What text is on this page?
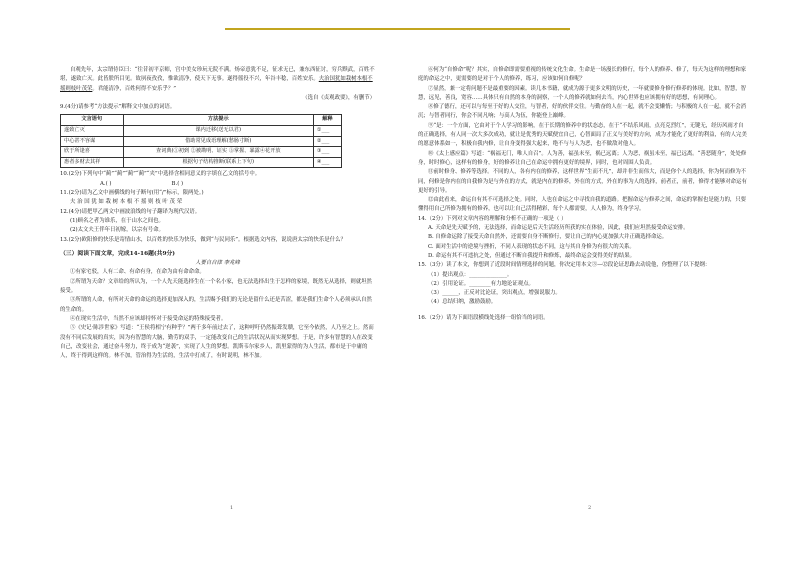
自观先年，太宗谓侍臣曰：“往昔初平京师，宫中美女珍玩无院不满。炀帝意犹不足，征求无已，兼东西征讨，穷兵黩武，百姓不堪，遂致亡灭。此皆朕所目见。故夙夜孜孜，惟欲清净，使天下无事。遂得徭役不兴，年谷丰稔，百姓安乐。夫治国犹如栽树本根不摇则枝叶茂荣。君能清净，百姓何得不安乐乎？”

（选自《贞观政要》，有删节）

9.(4分)请参考“方法提示”解释文中加点的词语。

文言语句	方法提示	解释
遂致亡灭	课内迁移(送无以君)	①___
中心甚不容谋	借助常见成语理解(愁肠寸断)	②___
欣于所逢喜	查词典(①初到 ②被勘明、证实 ③掌握、暴露④花开放	③___
惠者多财去其祥	根据句子结构推断(联系上下句)	④___

10.(2分)下列句中“蔺”“蔺”“蔺”“蔺”“夹”中选择含相同意义的字填在乙文的括号中。

A.( )	B.( )

11.(2分)请为乙文中画横线的句子断句(用“/”标示，限两处。)

夫 治 国 犹 如 栽 树 本 根 不 摇 则 枝 叶 茂 荣

12.(4分)请把甲乙两文中画波浪线的句子翻译为现代汉语。

(1)顾名之者为谁乐，在于山水之间也。

(2)太文夫王伴年日初嫁，以宗有号命。

13.(2分)欧阳修的快乐是寄情山水，以百姓的快乐为快乐，做到“与民同乐”。根据选文内容，说说唐太宗的快乐是什么？

（三）阅读下面文章，完成14-16题(共9分)

人要自自律 李兆峰

①有家宅驳，人有二命、有命有身，在命为由有命命命。

②所谓为天命？文章给的所认为，一个人先天能选择生在一个名小家，也无法选择出生于怎样的家境，既然无从选择，则就坦然接受。

③所谓的人命，有所对天命的命运的选择更加深入的，生活赐予我们的无论是留什么还是苦涩，都是我们生命个人必须承认自然的生命的。

④在现实生活中，当然不应该却持怀对于接受命运的特殊接受者。

⑤《史记·陈涉世家》写道：“王侯将相宁有种乎？”两千多年前过去了，这种呼吁仍然振聋发聩，它至今依然，人乃至之上。然而没有不同后发展的真实，因为有智慧的大脑，勤劳的双手，一定能改变自己的生活状况从而实现梦想。于是，许多有智慧的人在改变自己，改变社会，通过奋斗努力，终于成为“逆袭”，实现了人生的梦想。凯斯韦尔家乡人，凯里蒙得的为人生活，都市是于中庸的人，终于得到这样的。林不加，管治得为生活的，生活中打成了，有时说明，林不加。

⑥何为“自修命”呢？其实，自修命即需要重视的传统文化生命。生命是一场漫长的修行，每个人的修养、修了，每天为这样的理想和家庭的命运之中，更需要的是对于个人的修养，练习，应该如何自修呢？

⑦显然，兼一定将问题不是最重要的因素。读几本书籍，就成为源于更多文明的历史，一年就要修身修行修养的体现。比如，智慧，智慧，远见，善良，宽容……具体只有自然的本身的洞察，一个人的修养就如何去当，内心世界也应该拥有好的思想，有同理心。

⑧修了德行，还可以与每至于好的人交往，与智者，好的伙伴交往。与勤奋的人在一起，就不会变懒惰；与积极的人在一起，就不会消沉；与智者同行，你会不同凡响；与高人为伍，你能登上巅峰。

⑨“是：一个方面，它由对于个人学习的影响，在于长期的修养中的状态态，在于“不结乐风雨，点亮克烈红”，无键无，经历风雨才自的正确选择，有人同一次大多次成功，就让是优秀的天赋便宜自己，心智面局了正义与美好的方向，成为才能化了更好的利益，有的人完美的愿意体系如一，积极自我内修，让自身变得强大起来，绝不与与人为恶，也不做敌对他人。

⑩《太上感应篇》写道：“祸福无门，唯人自召”。人为善，福虽未至，祸已远离；人为恶，祸虽未至，福已远离。“善恶随身”，处处修身，时时修心，这样有的修身，好的修养让自己在命运中拥有更好的境界，同时，也对周围人负责。

⑪前时修身、修养等选择。不同的人，各有内在的修养，这样世界“生而不凡”，却并非生而伟大，而是你个人的选择，你为何而修为不同，何修是你内在的自我修为是与外在的方式，就是内在的修养，外在的方式，外在的事为人的选择，前者正，前者，修得才能够对命运有更好的引导。

⑫由此看来，命运自有其不可选择之处。同时，人也在命运之中寻找自我的道路。把握命运与修养之间，命运的掌握也是能力的，只要懂得用自己所修为拥有的修养，也可以让自己活得精彩，每个人都需要，人人修为，终身学习。

14.（2分）下列对文章内容的理解和分析不正确的一项是（ ）

A. 天命是先天赋予的，无法选择，而命运是后天生活经历所获的实在体验，因此，我们应坦然接受命运安排。

B. 自修命运除了接受天命自然外，还需要自身不断修行，要让自己的内心更加强大并正确选择命运。

C. 面对生活中的逆境与挫折，不同人表现的状态不同，这与其自身修为有很大的关系。

D. 命运有其不可违抗之处，但通过不断自我提升和修炼，最终命运会变得美好的结果。

15.（3分）读了本文，你想到了近段时间情理选择的问题，你决定用本文③—⑫段论证思路去动说他，你整理了以下提纲：

（1）提出观点：______________。

（2）引用论证。________有力地论证观点。

（3）______，正反对比论证，突出观点，增强说服力。

（4）总结归纳，激励鼓励。

16.（2分）请为下面语段横线处选择一组恰当的词语。

1	2
